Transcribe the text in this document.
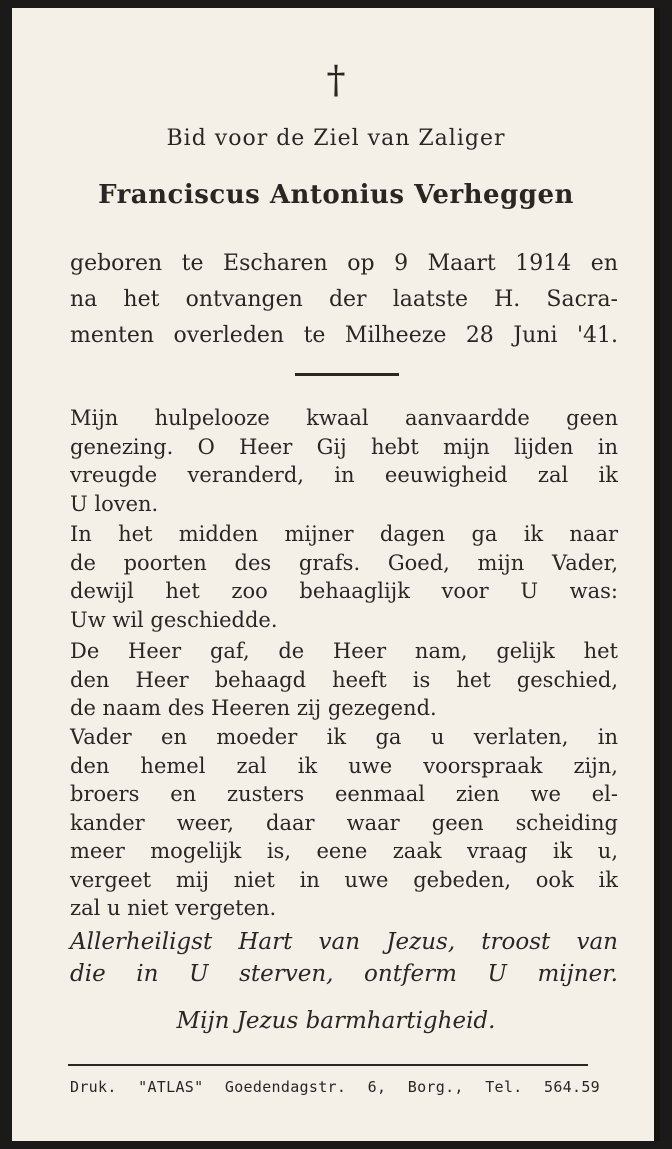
†
Bid voor de Ziel van Zaliger
Franciscus Antonius Verheggen
geboren te Escharen op 9 Maart 1914 en
na het ontvangen der laatste H. Sacra-
menten overleden te Milheeze 28 Juni '41.
Mijn hulpelooze kwaal aanvaardde geen
genezing. O Heer Gij hebt mijn lijden in
vreugde veranderd, in eeuwigheid zal ik
U loven.
In het midden mijner dagen ga ik naar
de poorten des grafs. Goed, mijn Vader,
dewijl het zoo behaaglijk voor U was:
Uw wil geschiedde.
De Heer gaf, de Heer nam, gelijk het
den Heer behaagd heeft is het geschied,
de naam des Heeren zij gezegend.
Vader en moeder ik ga u verlaten, in
den hemel zal ik uwe voorspraak zijn,
broers en zusters eenmaal zien we el-
kander weer, daar waar geen scheiding
meer mogelijk is, eene zaak vraag ik u,
vergeet mij niet in uwe gebeden, ook ik
zal u niet vergeten.
Allerheiligst Hart van Jezus, troost van
die in U sterven, ontferm U mijner.
Mijn Jezus barmhartigheid.
Druk. "ATLAS" Goedendagstr. 6, Borg., Tel. 564.59
